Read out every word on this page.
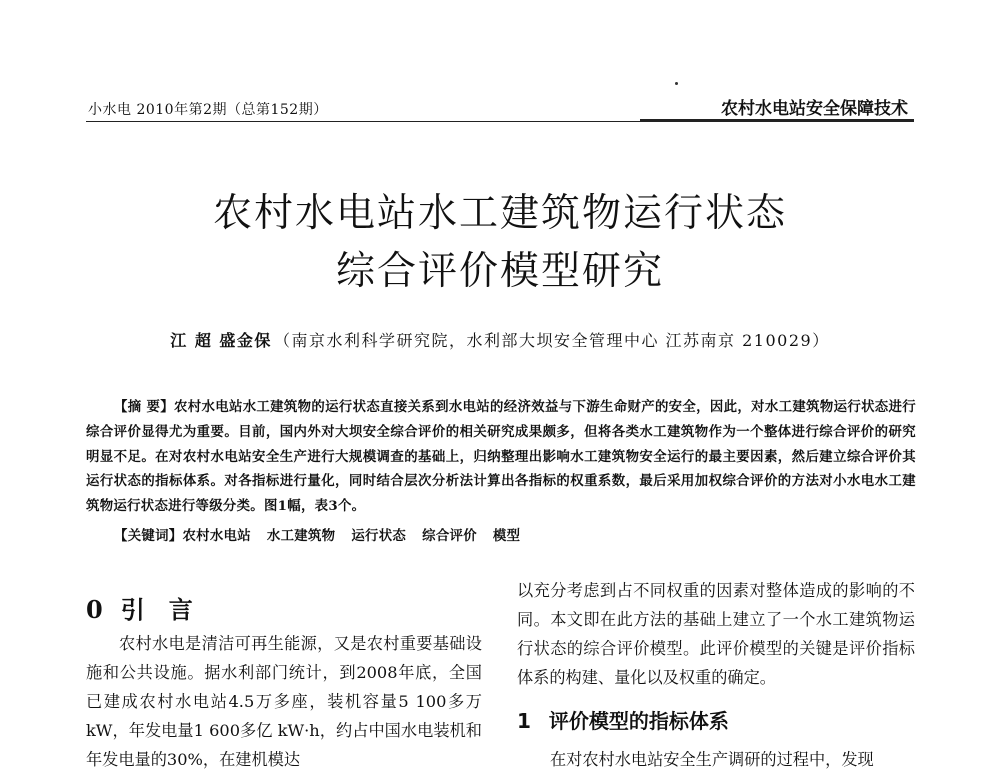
小水电 2010年第2期（总第152期）	农村水电站安全保障技术
农村水电站水工建筑物运行状态
综合评价模型研究
江 超 盛金保 （南京水利科学研究院，水利部大坝安全管理中心 江苏南京 210029）
【摘 要】农村水电站水工建筑物的运行状态直接关系到水电站的经济效益与下游生命财产的安全，因此，对水工建筑物运行状态进行综合评价显得尤为重要。目前，国内外对大坝安全综合评价的相关研究成果颇多，但将各类水工建筑物作为一个整体进行综合评价的研究明显不足。在对农村水电站安全生产进行大规模调查的基础上，归纳整理出影响水工建筑物安全运行的最主要因素，然后建立综合评价其运行状态的指标体系。对各指标进行量化，同时结合层次分析法计算出各指标的权重系数，最后采用加权综合评价的方法对小水电水工建筑物运行状态进行等级分类。图1幅，表3个。
【关键词】农村水电站 水工建筑物 运行状态 综合评价 模型
0 引 言

农村水电是清洁可再生能源，又是农村重要基础设施和公共设施。据水利部门统计，到2008年底，全国已建成农村水电站4.5万多座，装机容量5 100多万 kW，年发电量1 600多亿 kW·h，约占中国水电装机和年发电量的30%，在建机模达

以充分考虑到占不同权重的因素对整体造成的影响的不同。本文即在此方法的基础上建立了一个水工建筑物运行状态的综合评价模型。此评价模型的关键是评价指标体系的构建、量化以及权重的确定。

1 评价模型的指标体系
在对农村水电站安全生产调研的过程中，发现
